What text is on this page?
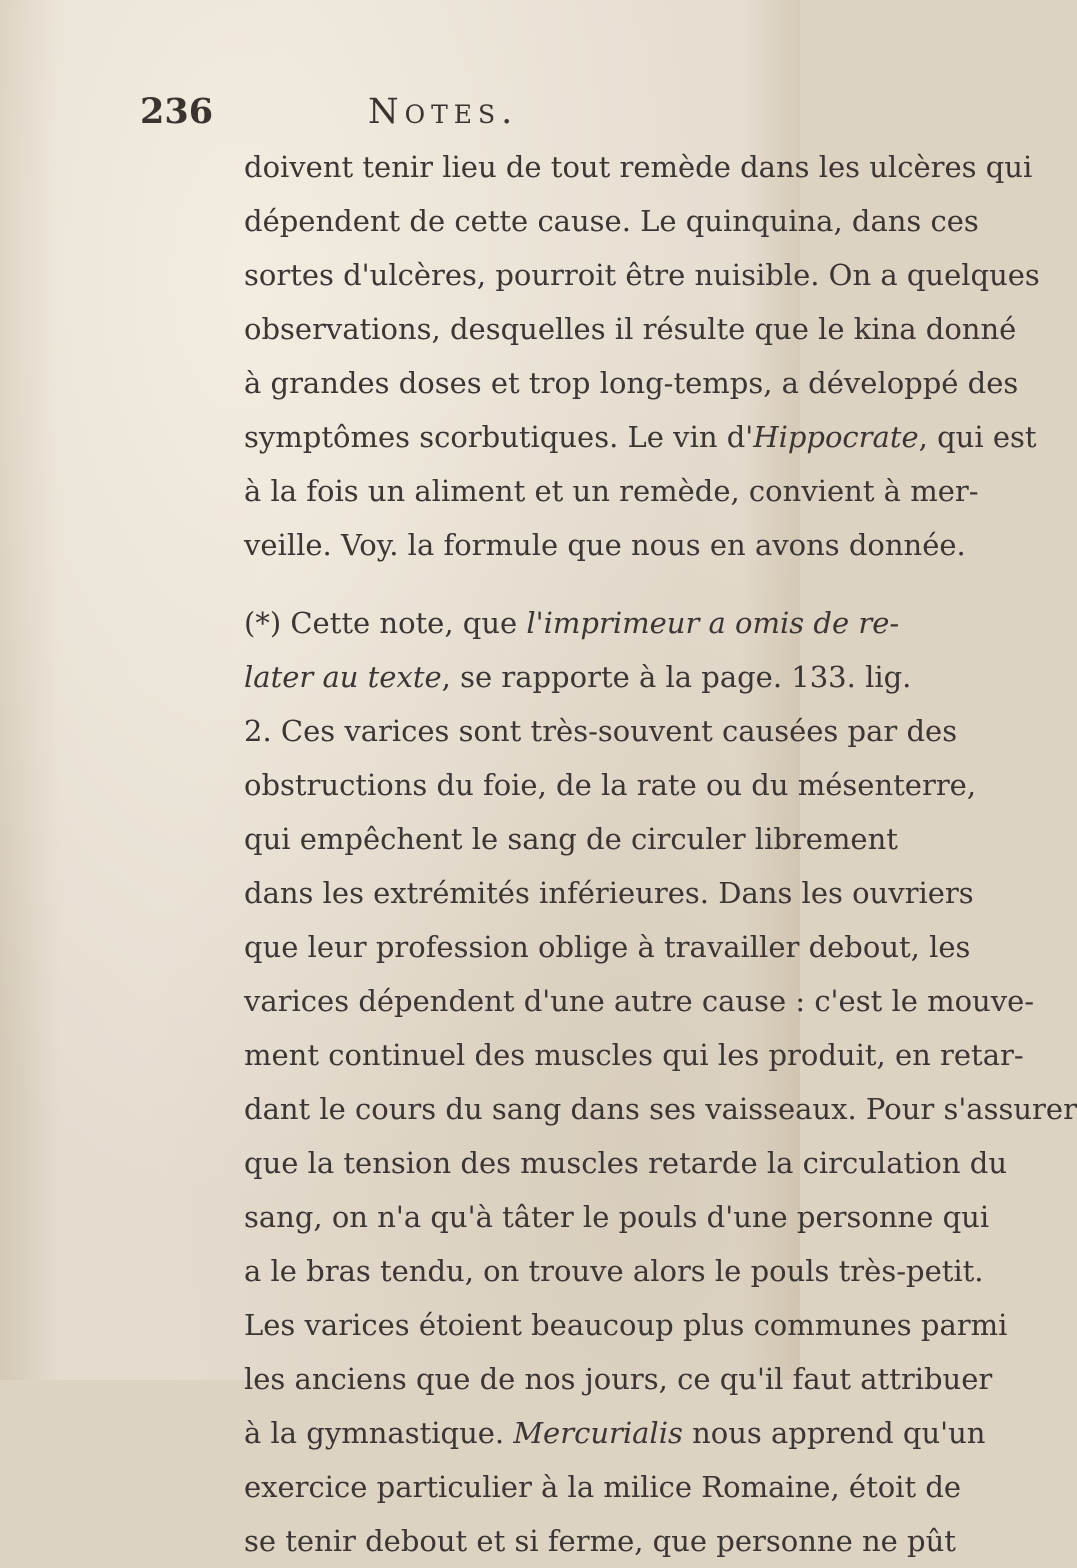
236	Notes.
doivent tenir lieu de tout remède dans les ulcères qui
dépendent de cette cause. Le quinquina, dans ces
sortes d'ulcères, pourroit être nuisible. On a quelques
observations, desquelles il résulte que le kina donné
à grandes doses et trop long-temps, a développé des
symptômes scorbutiques. Le vin d'Hippocrate, qui est
à la fois un aliment et un remède, convient à mer-
veille. Voy. la formule que nous en avons donnée.
(*) Cette note, que l'imprimeur a omis de re-
later au texte, se rapporte à la page. 133. lig.
2. Ces varices sont très-souvent causées par des
obstructions du foie, de la rate ou du mésenterre,
qui empêchent le sang de circuler librement
dans les extrémités inférieures. Dans les ouvriers
que leur profession oblige à travailler debout, les
varices dépendent d'une autre cause : c'est le mouve-
ment continuel des muscles qui les produit, en retar-
dant le cours du sang dans ses vaisseaux. Pour s'assurer
que la tension des muscles retarde la circulation du
sang, on n'a qu'à tâter le pouls d'une personne qui
a le bras tendu, on trouve alors le pouls très-petit.
Les varices étoient beaucoup plus communes parmi
les anciens que de nos jours, ce qu'il faut attribuer
à la gymnastique. Mercurialis nous apprend qu'un
exercice particulier à la milice Romaine, étoit de
se tenir debout et si ferme, que personne ne pût
